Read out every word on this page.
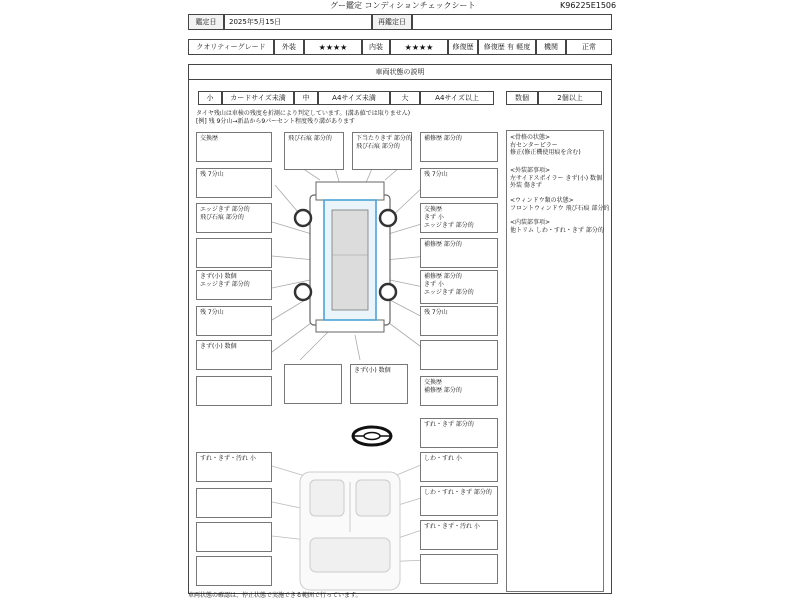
グー鑑定 コンディションチェックシート	K96225E1506
鑑定日	2025年5月15日	再鑑定日
クオリティーグレード	外装	★★★★	内装	★★★★	修復歴	修復歴 有 軽度	機関	正常
車両状態の説明
小	カードサイズ未満	中	A4サイズ未満	大	A4サイズ以上	数個	2個以上
タイヤ残山は車検の残度を折測により判定しています。(溝あ値では取りません)
[例] 残 9分山→新品から9パーセント程度残り溝があります
<骨格の状態>
右センターピラー
修正(修正機使用痕を含む)
<外装部事項>
左サイドスポイラー きず(小) 数個
外装 傷きず
<ウィンドウ類の状態>
フロントウィンドウ 飛び石痕 部分的
<内装部事項>
他トリム しわ・すれ・きず 部分的
交換歴
残 7分山
エッジきず 部分的
飛び石痕 部分的
きず(小) 数個
エッジきず 部分的
残 7分山
きず(小) 数個
飛び石痕 部分的	下当たりきず 部分的
飛び石痕 部分的
補修歴 部分的
残 7分山
交換歴
きず 小
エッジきず 部分的
補修歴 部分的
補修歴 部分的
きず 小
エッジきず 部分的
残 7分山
交換歴
補修歴 部分的
きず(小) 数個
すれ・きず 部分的
すれ・きず・汚れ 小	しわ・すれ 小
しわ・すれ・きず 部分的
すれ・きず・汚れ 小
車両状態の確認は、停止状態で実施できる範囲で行っています。
